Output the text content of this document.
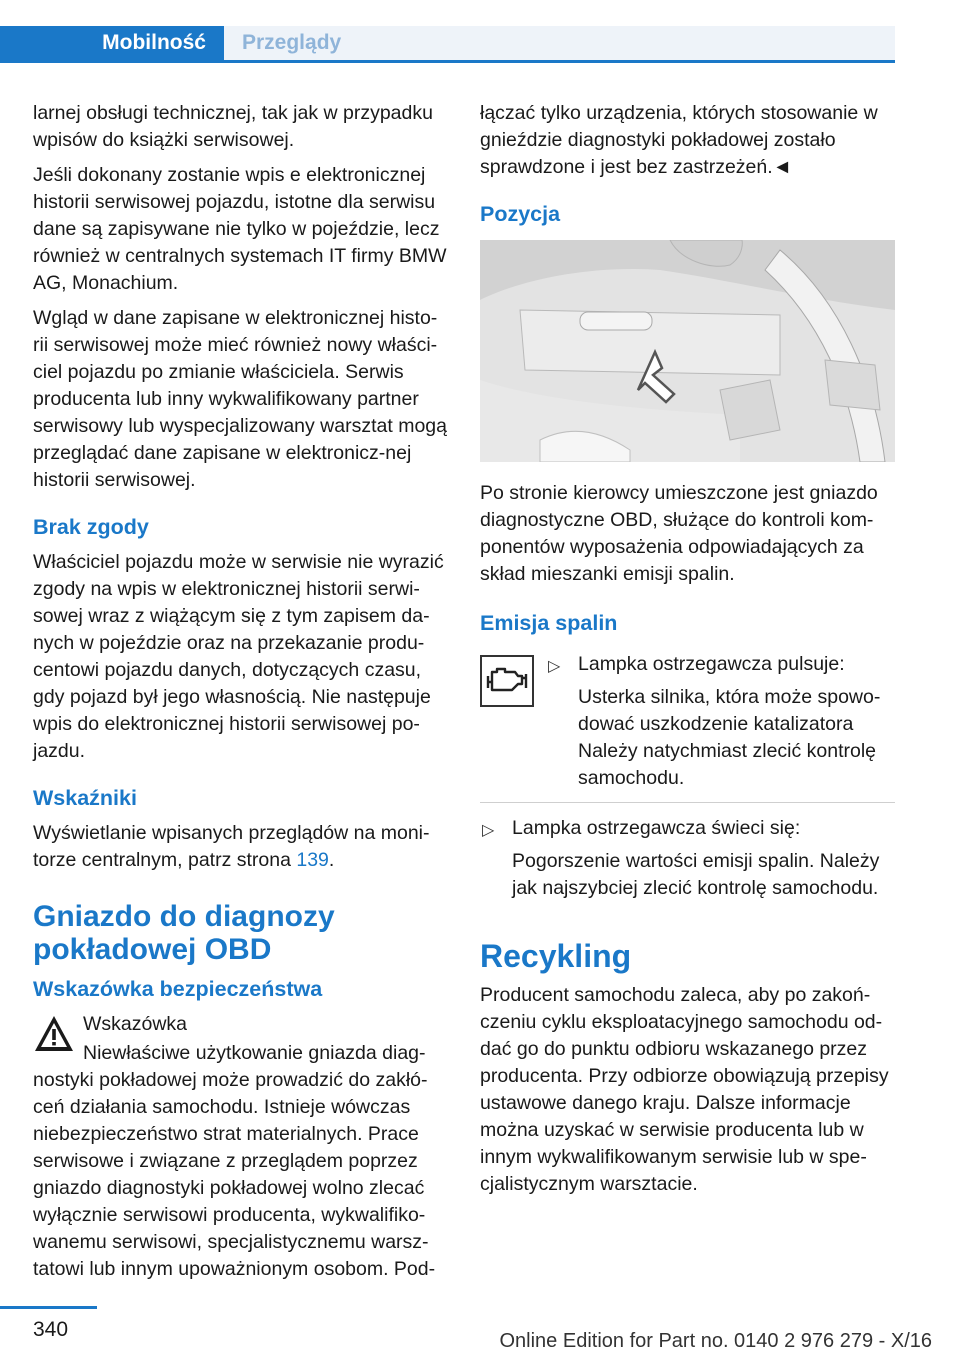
Mobilność	Przeglądy

larnej obsługi technicznej, tak jak w przypadku wpisów do książki serwisowej.

Jeśli dokonany zostanie wpis e elektronicznej historii serwisowej pojazdu, istotne dla serwisu dane są zapisywane nie tylko w pojeździe, lecz również w centralnych systemach IT firmy BMW AG, Monachium.

Wgląd w dane zapisane w elektronicznej histo-rii serwisowej może mieć również nowy właści-ciel pojazdu po zmianie właściciela. Serwis producenta lub inny wykwalifikowany partner serwisowy lub wyspecjalizowany warsztat mogą przeglądać dane zapisane w elektronicz-nej historii serwisowej.

Brak zgody

Właściciel pojazdu może w serwisie nie wyrazić zgody na wpis w elektronicznej historii serwi-sowej wraz z wiążącym się z tym zapisem da-nych w pojeździe oraz na przekazanie produ-centowi pojazdu danych, dotyczących czasu, gdy pojazd był jego własnością. Nie następuje wpis do elektronicznej historii serwisowej po-jazdu.

Wskaźniki

Wyświetlanie wpisanych przeglądów na moni-torze centralnym, patrz strona 139.

Gniazdo do diagnozy pokładowej OBD
Wskazówka bezpieczeństwa

Wskazówka

Niewłaściwe użytkowanie gniazda diag-nostyki pokładowej może prowadzić do zakłó-ceń działania samochodu. Istnieje wówczas niebezpieczeństwo strat materialnych. Prace serwisowe i związane z przeglądem poprzez gniazdo diagnostyki pokładowej wolno zlecać wyłącznie serwisowi producenta, wykwalifiko-wanemu serwisowi, specjalistycznemu warsz-tatowi lub innym upoważnionym osobom. Pod-

łączać tylko urządzenia, których stosowanie w gnieździe diagnostyki pokładowej zostało sprawdzone i jest bez zastrzeżeń.◄

Pozycja

Po stronie kierowcy umieszczone jest gniazdo diagnostyczne OBD, służące do kontroli kom-ponentów wyposażenia odpowiadających za skład mieszanki emisji spalin.

Emisja spalin
▷ Lampka ostrzegawcza pulsuje:

Usterka silnika, która może spowo-dować uszkodzenie katalizatora Należy natychmiast zlecić kontrolę samochodu.

▷ Lampka ostrzegawcza świeci się:

Pogorszenie wartości emisji spalin. Należy jak najszybciej zlecić kontrolę samochodu.

Recykling

Producent samochodu zaleca, aby po zakoń-czeniu cyklu eksploatacyjnego samochodu od-dać go do punktu odbioru wskazanego przez producenta. Przy odbiorze obowiązują przepisy ustawowe danego kraju. Dalsze informacje można uzyskać w serwisie producenta lub w innym wykwalifikowanym serwisie lub w spe-cjalistycznym warsztacie.

340	Online Edition for Part no. 0140 2 976 279 - X/16
